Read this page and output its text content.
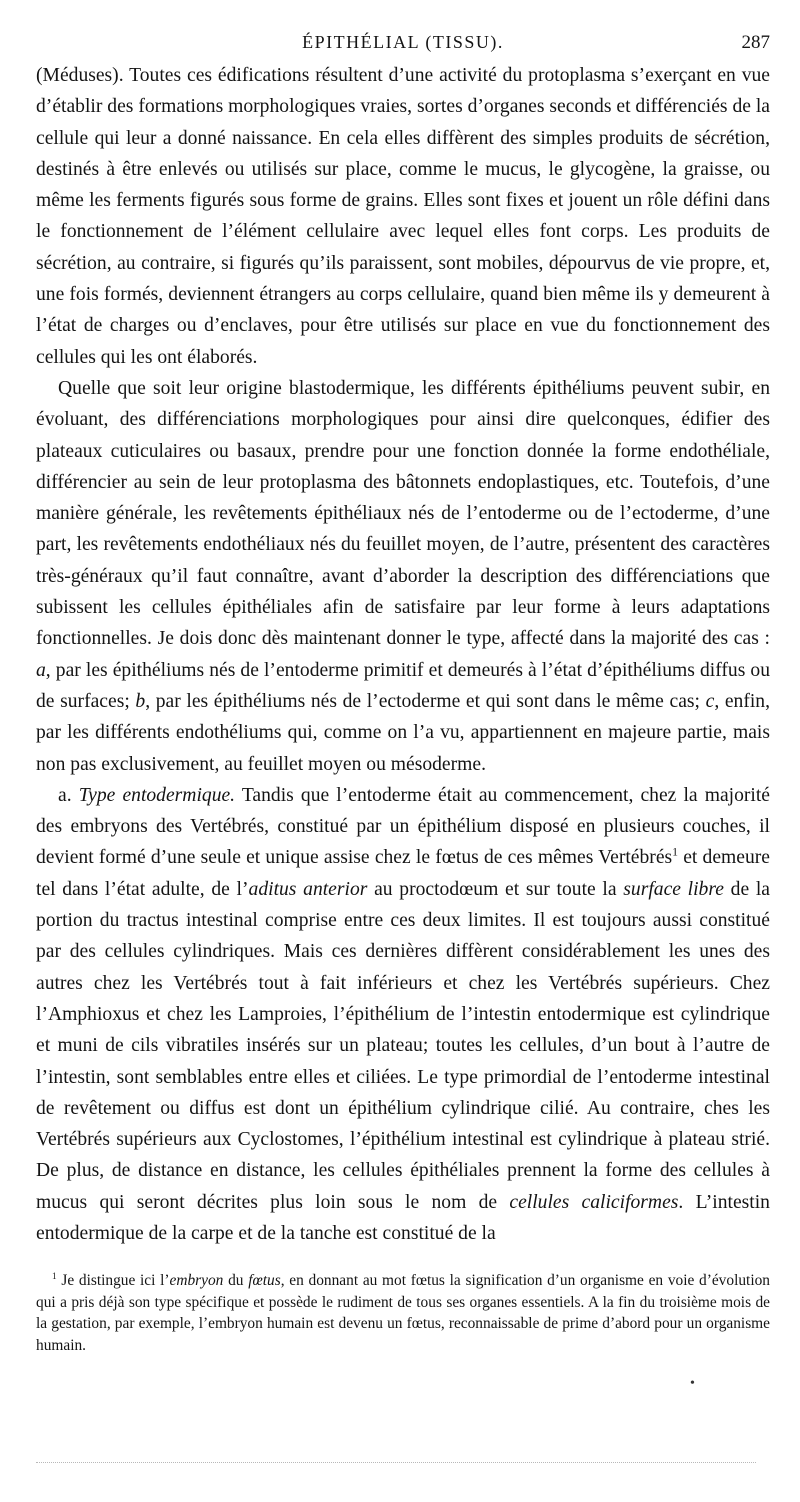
ÉPITHÉLIAL (TISSU).	287

(Méduses). Toutes ces édifications résultent d’une activité du protoplasma s’exerçant en vue d’établir des formations morphologiques vraies, sortes d’organes seconds et différenciés de la cellule qui leur a donné naissance. En cela elles diffèrent des simples produits de sécrétion, destinés à être enlevés ou utilisés sur place, comme le mucus, le glycogène, la graisse, ou même les ferments figurés sous forme de grains. Elles sont fixes et jouent un rôle défini dans le fonctionnement de l’élément cellulaire avec lequel elles font corps. Les produits de sécrétion, au contraire, si figurés qu’ils paraissent, sont mobiles, dépourvus de vie propre, et, une fois formés, deviennent étrangers au corps cellulaire, quand bien même ils y demeurent à l’état de charges ou d’enclaves, pour être utilisés sur place en vue du fonctionnement des cellules qui les ont élaborés.

Quelle que soit leur origine blastodermique, les différents épithéliums peuvent subir, en évoluant, des différenciations morphologiques pour ainsi dire quelconques, édifier des plateaux cuticulaires ou basaux, prendre pour une fonction donnée la forme endothéliale, différencier au sein de leur protoplasma des bâtonnets endoplastiques, etc. Toutefois, d’une manière générale, les revêtements épithéliaux nés de l’entoderme ou de l’ectoderme, d’une part, les revêtements endothéliaux nés du feuillet moyen, de l’autre, présentent des caractères très-généraux qu’il faut connaître, avant d’aborder la description des différenciations que subissent les cellules épithéliales afin de satisfaire par leur forme à leurs adaptations fonctionnelles. Je dois donc dès maintenant donner le type, affecté dans la majorité des cas : a, par les épithéliums nés de l’entoderme primitif et demeurés à l’état d’épithéliums diffus ou de surfaces; b, par les épithéliums nés de l’ectoderme et qui sont dans le même cas; c, enfin, par les différents endothéliums qui, comme on l’a vu, appartiennent en majeure partie, mais non pas exclusivement, au feuillet moyen ou mésoderme.

a. Type entodermique. Tandis que l’entoderme était au commencement, chez la majorité des embryons des Vertébrés, constitué par un épithélium disposé en plusieurs couches, il devient formé d’une seule et unique assise chez le fœtus de ces mêmes Vertébrés$^1$ et demeure tel dans l’état adulte, de l’aditus anterior au proctodœum et sur toute la surface libre de la portion du tractus intestinal comprise entre ces deux limites. Il est toujours aussi constitué par des cellules cylindriques. Mais ces dernières diffèrent considérablement les unes des autres chez les Vertébrés tout à fait inférieurs et chez les Vertébrés supérieurs. Chez l’Amphioxus et chez les Lamproies, l’épithélium de l’intestin entodermique est cylindrique et muni de cils vibratiles insérés sur un plateau; toutes les cellules, d’un bout à l’autre de l’intestin, sont semblables entre elles et ciliées. Le type primordial de l’entoderme intestinal de revêtement ou diffus est dont un épithélium cylindrique cilié. Au contraire, ches les Vertébrés supérieurs aux Cyclostomes, l’épithélium intestinal est cylindrique à plateau strié. De plus, de distance en distance, les cellules épithéliales prennent la forme des cellules à mucus qui seront décrites plus loin sous le nom de cellules caliciformes. L’intestin entodermique de la carpe et de la tanche est constitué de la

$^1$ Je distingue ici l’embryon du fœtus, en donnant au mot fœtus la signification d’un organisme en voie d’évolution qui a pris déjà son type spécifique et possède le rudiment de tous ses organes essentiels. A la fin du troisième mois de la gestation, par exemple, l’embryon humain est devenu un fœtus, reconnaissable de prime d’abord pour un organisme humain.

•
